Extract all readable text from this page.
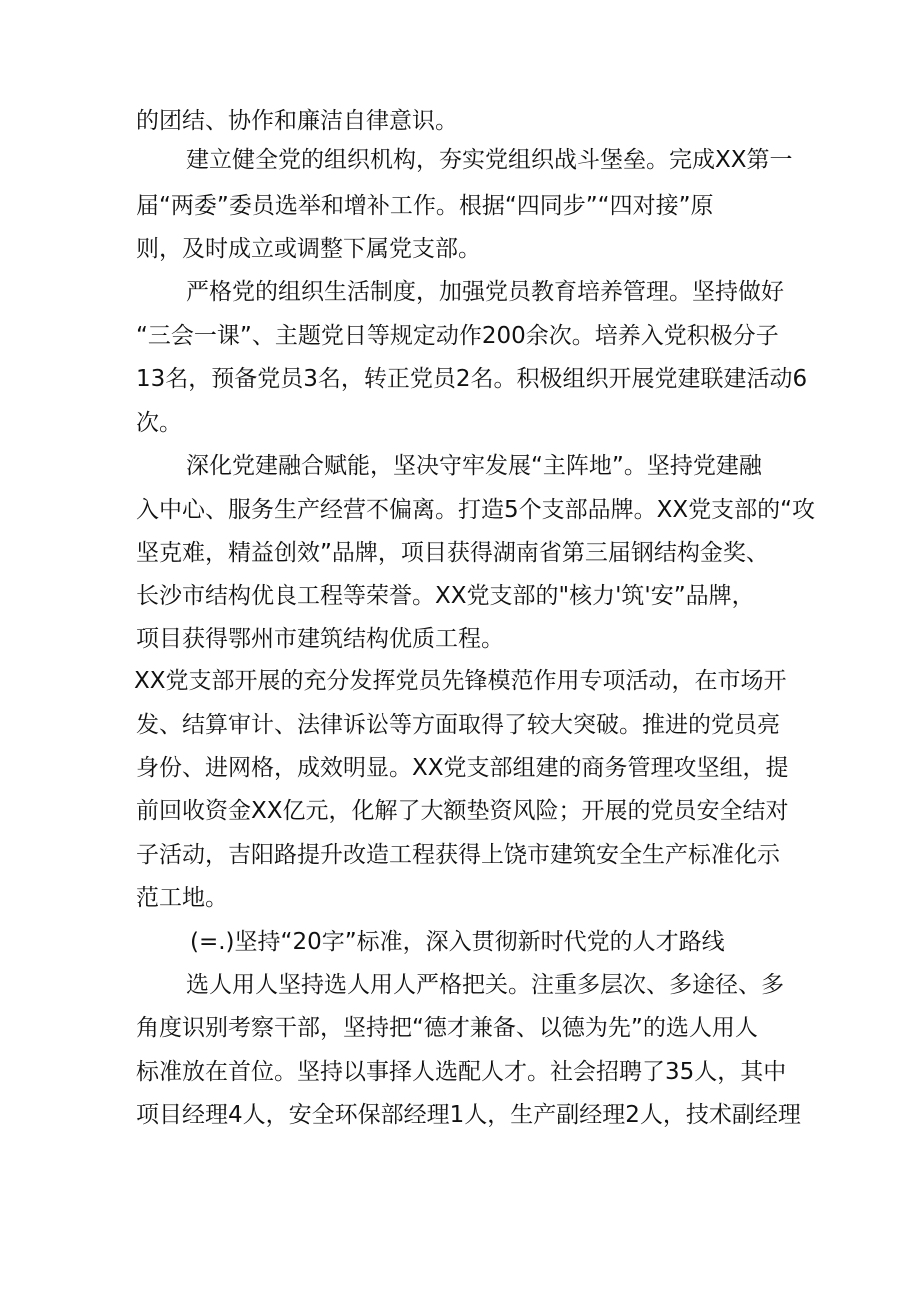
的团结、协作和廉洁自律意识。
建立健全党的组织机构，夯实党组织战斗堡垒。完成XX第一
届“两委”委员选举和增补工作。根据“四同步”“四对接”原
则，及时成立或调整下属党支部。
严格党的组织生活制度，加强党员教育培养管理。坚持做好
“三会一课”、主题党日等规定动作200余次。培养入党积极分子
13名，预备党员3名，转正党员2名。积极组织开展党建联建活动6
次。
深化党建融合赋能，坚决守牢发展“主阵地”。坚持党建融
入中心、服务生产经营不偏离。打造5个支部品牌。XX党支部的“攻
坚克难，精益创效”品牌，项目获得湖南省第三届钢结构金奖、
长沙市结构优良工程等荣誉。XX党支部的"核力'筑'安”品牌，
项目获得鄂州市建筑结构优质工程。
XX党支部开展的充分发挥党员先锋模范作用专项活动，在市场开
发、结算审计、法律诉讼等方面取得了较大突破。推进的党员亮
身份、进网格，成效明显。XX党支部组建的商务管理攻坚组，提
前回收资金XX亿元，化解了大额垫资风险；开展的党员安全结对
子活动，吉阳路提升改造工程获得上饶市建筑安全生产标准化示
范工地。
(=.)坚持“20字”标准，深入贯彻新时代党的人才路线
选人用人坚持选人用人严格把关。注重多层次、多途径、多
角度识别考察干部，坚持把“德才兼备、以德为先”的选人用人
标准放在首位。坚持以事择人选配人才。社会招聘了35人，其中
项目经理4人，安全环保部经理1人，生产副经理2人，技术副经理
